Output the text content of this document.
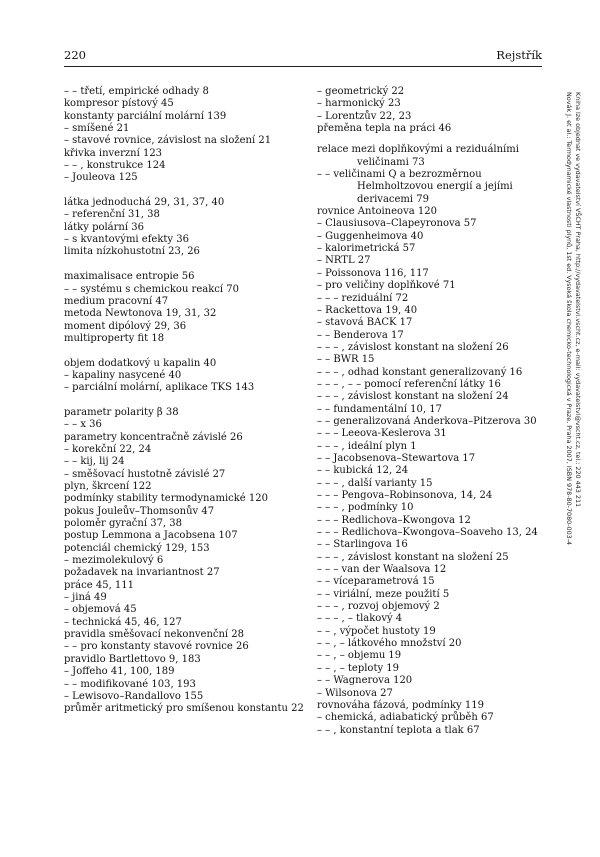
220	Rejstřík
– – třetí, empirické odhady 8
kompresor pístový 45
konstanty parciální molární 139
– smíšené 21
– stavové rovnice, závislost na složení 21
křivka inverzní 123
– – , konstrukce 124
– Jouleova 125
látka jednoduchá 29, 31, 37, 40
– referenční 31, 38
látky polární 36
– s kvantovými efekty 36
limita nízkohustotní 23, 26
maximalisace entropie 56
– – systému s chemickou reakcí 70
medium pracovní 47
metoda Newtonova 19, 31, 32
moment dipólový 29, 36
multiproperty fit 18
objem dodatkový u kapalin 40
– kapaliny nasycené 40
– parciální molární, aplikace TKS 143
parametr polarity β 38
– – x 36
parametry koncentračně závislé 26
– korekční 22, 24
– – kij, lij 24
– směšovací hustotně závislé 27
plyn, škrcení 122
podmínky stability termodynamické 120
pokus Jouleův–Thomsonův 47
poloměr gyrační 37, 38
postup Lemmona a Jacobsena 107
potenciál chemický 129, 153
– mezimolekulový 6
požadavek na invariantnost 27
práce 45, 111
– jiná 49
– objemová 45
– technická 45, 46, 127
pravidla směšovací nekonvenční 28
– – pro konstanty stavové rovnice 26
pravidlo Bartlettovo 9, 183
– Joffeho 41, 100, 189
– – modifikované 103, 193
– Lewisovo–Randallovo 155
průměr aritmetický pro smíšenou konstantu 22
– geometrický 22
– harmonický 23
– Lorentzův 22, 23
přeměna tepla na práci 46
relace mezi doplňkovými a reziduálními veličinami 73
– – veličinami Q a bezrozměrnou Helmholtzovou energií a jejími derivacemi 79
rovnice Antoineova 120
– Clausiusova–Clapeyronova 57
– Guggenheimova 40
– kalorimetrická 57
– NRTL 27
– Poissonova 116, 117
– pro veličiny doplňkové 71
– – – reziduální 72
– Rackettova 19, 40
– stavová BACK 17
– – Benderova 17
– – – , závislost konstant na složení 26
– – BWR 15
– – – , odhad konstant generalizovaný 16
– – – , – – pomocí referenční látky 16
– – – , závislost konstant na složení 24
– – fundamentální 10, 17
– – generalizovaná Anderkova–Pitzerova 30
– – – Leeova-Keslerova 31
– – – , ideální plyn 1
– – Jacobsenova–Stewartova 17
– – kubická 12, 24
– – – , další varianty 15
– – – Pengova–Robinsonova, 14, 24
– – – , podmínky 10
– – – Redlichova–Kwongova 12
– – – Redlichova–Kwongova–Soaveho 13, 24
– – Starlingova 16
– – – , závislost konstant na složení 25
– – – van der Waalsova 12
– – víceparametrová 15
– – viriální, meze použití 5
– – – , rozvoj objemový 2
– – – , – tlakový 4
– – , výpočet hustoty 19
– – , – látkového množství 20
– – , – objemu 19
– – , – teploty 19
– – Wagnerova 120
– Wilsonova 27
rovnováha fázová, podmínky 119
– chemická, adiabatický průběh 67
– – , konstantní teplota a tlak 67
Novák J. et al.: Termodynamické vlastnosti plynů, 1st ed. Vysoká škola chemicko-technologická v Praze, Praha 2007, ISBN 978-80-7080-003-4 Kniha lze objednat ve vydavatelství VŠCHT Praha, http://vydavatelstvi.vscht.cz, e-mail: vydavatelstvi@vscht.cz, tel.: 220 443 211
